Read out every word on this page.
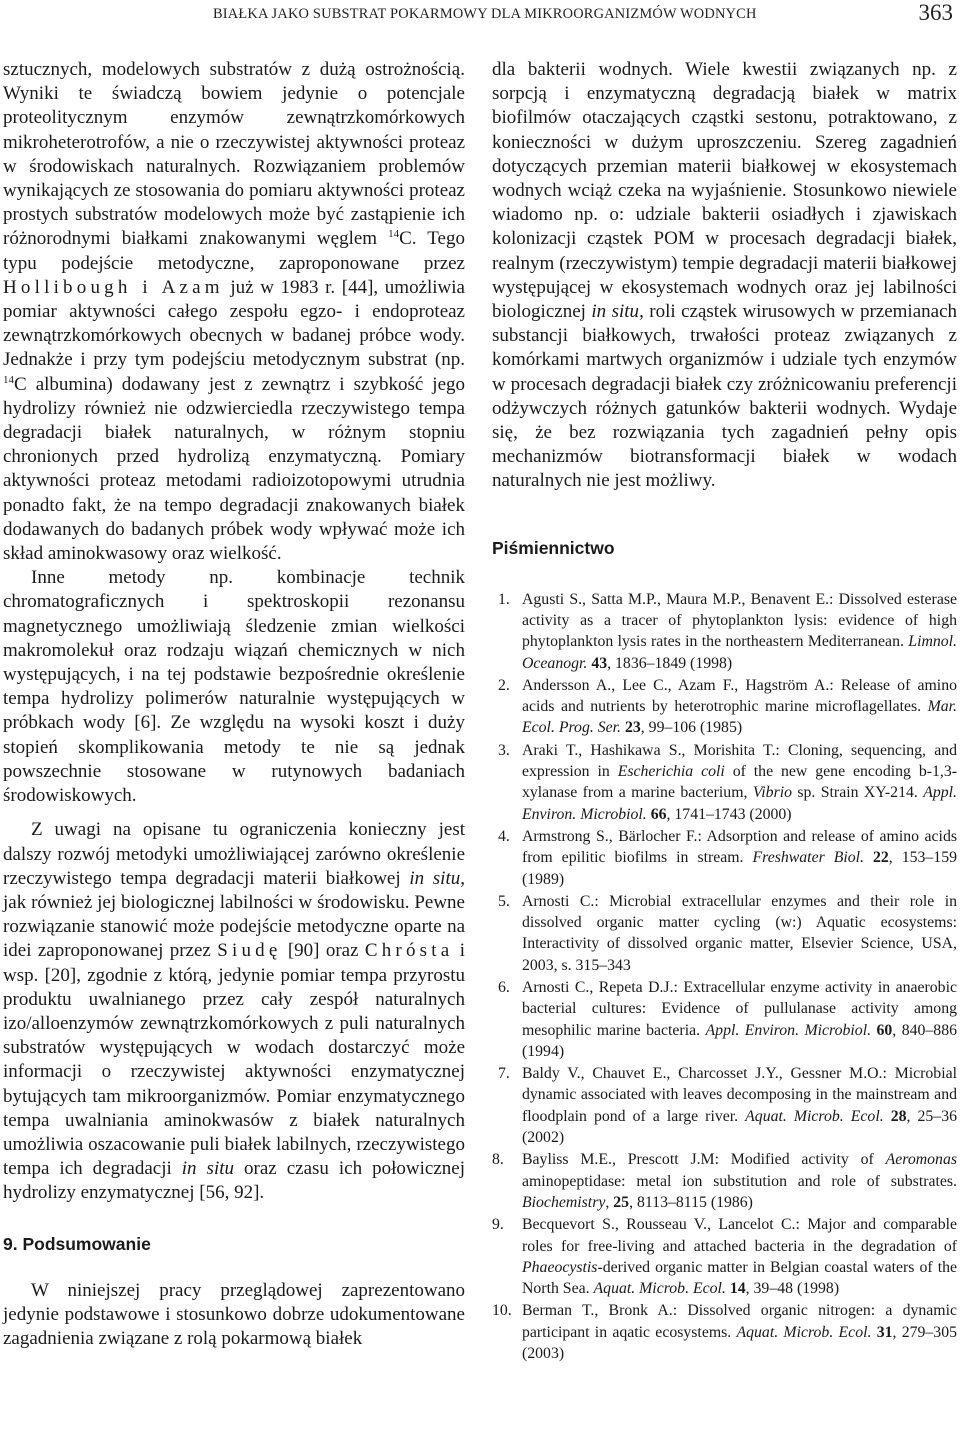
BIAŁKA JAKO SUBSTRAT POKARMOWY DLA MIKROORGANIZMÓW WODNYCH	363

sztucznych, modelowych substratów z dużą ostrożnością. Wyniki te świadczą bowiem jedynie o potencjale proteolitycznym enzymów zewnątrzkomórkowych mikroheterotrofów, a nie o rzeczywistej aktywności proteaz w środowiskach naturalnych. Rozwiązaniem problemów wynikających ze stosowania do pomiaru aktywności proteaz prostych substratów modelowych może być zastąpienie ich różnorodnymi białkami znakowanymi węglem $^{14}$C. Tego typu podejście metodyczne, zaproponowane przez Hollibough i Azam już w 1983 r. [44], umożliwia pomiar aktywności całego zespołu egzo- i endoproteaz zewnątrzkomórkowych obecnych w badanej próbce wody. Jednakże i przy tym podejściu metodycznym substrat (np. $^{14}$C albumina) dodawany jest z zewnątrz i szybkość jego hydrolizy również nie odzwierciedla rzeczywistego tempa degradacji białek naturalnych, w różnym stopniu chronionych przed hydrolizą enzymatyczną. Pomiary aktywności proteaz metodami radioizotopowymi utrudnia ponadto fakt, że na tempo degradacji znakowanych białek dodawanych do badanych próbek wody wpływać może ich skład aminokwasowy oraz wielkość.

Inne metody np. kombinacje technik chromatograficznych i spektroskopii rezonansu magnetycznego umożliwiają śledzenie zmian wielkości makromolekuł oraz rodzaju wiązań chemicznych w nich występujących, i na tej podstawie bezpośrednie określenie tempa hydrolizy polimerów naturalnie występujących w próbkach wody [6]. Ze względu na wysoki koszt i duży stopień skomplikowania metody te nie są jednak powszechnie stosowane w rutynowych badaniach środowiskowych.

Z uwagi na opisane tu ograniczenia konieczny jest dalszy rozwój metodyki umożliwiającej zarówno określenie rzeczywistego tempa degradacji materii białkowej in situ, jak również jej biologicznej labilności w środowisku. Pewne rozwiązanie stanowić może podejście metodyczne oparte na idei zaproponowanej przez Siudę [90] oraz Chrósta i wsp. [20], zgodnie z którą, jedynie pomiar tempa przyrostu produktu uwalnianego przez cały zespół naturalnych izo/alloenzymów zewnątrzkomórkowych z puli naturalnych substratów występujących w wodach dostarczyć może informacji o rzeczywistej aktywności enzymatycznej bytujących tam mikroorganizmów. Pomiar enzymatycznego tempa uwalniania aminokwasów z białek naturalnych umożliwia oszacowanie puli białek labilnych, rzeczywistego tempa ich degradacji in situ oraz czasu ich połowicznej hydrolizy enzymatycznej [56, 92].

9. Podsumowanie

W niniejszej pracy przeglądowej zaprezentowano jedynie podstawowe i stosunkowo dobrze udokumentowane zagadnienia związane z rolą pokarmową białek

dla bakterii wodnych. Wiele kwestii związanych np. z sorpcją i enzymatyczną degradacją białek w matrix biofilmów otaczających cząstki sestonu, potraktowano, z konieczności w dużym uproszczeniu. Szereg zagadnień dotyczących przemian materii białkowej w ekosystemach wodnych wciąż czeka na wyjaśnienie. Stosunkowo niewiele wiadomo np. o: udziale bakterii osiadłych i zjawiskach kolonizacji cząstek POM w procesach degradacji białek, realnym (rzeczywistym) tempie degradacji materii białkowej występującej w ekosystemach wodnych oraz jej labilności biologicznej in situ, roli cząstek wirusowych w przemianach substancji białkowych, trwałości proteaz związanych z komórkami martwych organizmów i udziale tych enzymów w procesach degradacji białek czy zróżnicowaniu preferencji odżywczych różnych gatunków bakterii wodnych. Wydaje się, że bez rozwiązania tych zagadnień pełny opis mechanizmów biotransformacji białek w wodach naturalnych nie jest możliwy.

Piśmiennictwo
1. Agusti S., Satta M.P., Maura M.P., Benavent E.: Dissolved esterase activity as a tracer of phytoplankton lysis: evidence of high phytoplankton lysis rates in the northeastern Mediterranean. Limnol. Oceanogr. 43, 1836–1849 (1998)
2. Andersson A., Lee C., Azam F., Hagström A.: Release of amino acids and nutrients by heterotrophic marine microflagellates. Mar. Ecol. Prog. Ser. 23, 99–106 (1985)
3. Araki T., Hashikawa S., Morishita T.: Cloning, sequencing, and expression in Escherichia coli of the new gene encoding b-1,3-xylanase from a marine bacterium, Vibrio sp. Strain XY-214. Appl. Environ. Microbiol. 66, 1741–1743 (2000)
4. Armstrong S., Bärlocher F.: Adsorption and release of amino acids from epilitic biofilms in stream. Freshwater Biol. 22, 153–159 (1989)
5. Arnosti C.: Microbial extracellular enzymes and their role in dissolved organic matter cycling (w:) Aquatic ecosystems: Interactivity of dissolved organic matter, Elsevier Science, USA, 2003, s. 315–343
6. Arnosti C., Repeta D.J.: Extracellular enzyme activity in anaerobic bacterial cultures: Evidence of pullulanase activity among mesophilic marine bacteria. Appl. Environ. Microbiol. 60, 840–886 (1994)
7. Baldy V., Chauvet E., Charcosset J.Y., Gessner M.O.: Microbial dynamic associated with leaves decomposing in the mainstream and floodplain pond of a large river. Aquat. Microb. Ecol. 28, 25–36 (2002)
8. Bayliss M.E., Prescott J.M: Modified activity of Aeromonas aminopeptidase: metal ion substitution and role of substrates. Biochemistry, 25, 8113–8115 (1986)
9. Becquevort S., Rousseau V., Lancelot C.: Major and comparable roles for free-living and attached bacteria in the degradation of Phaeocystis-derived organic matter in Belgian coastal waters of the North Sea. Aquat. Microb. Ecol. 14, 39–48 (1998)
10. Berman T., Bronk A.: Dissolved organic nitrogen: a dynamic participant in aqatic ecosystems. Aquat. Microb. Ecol. 31, 279–305 (2003)
